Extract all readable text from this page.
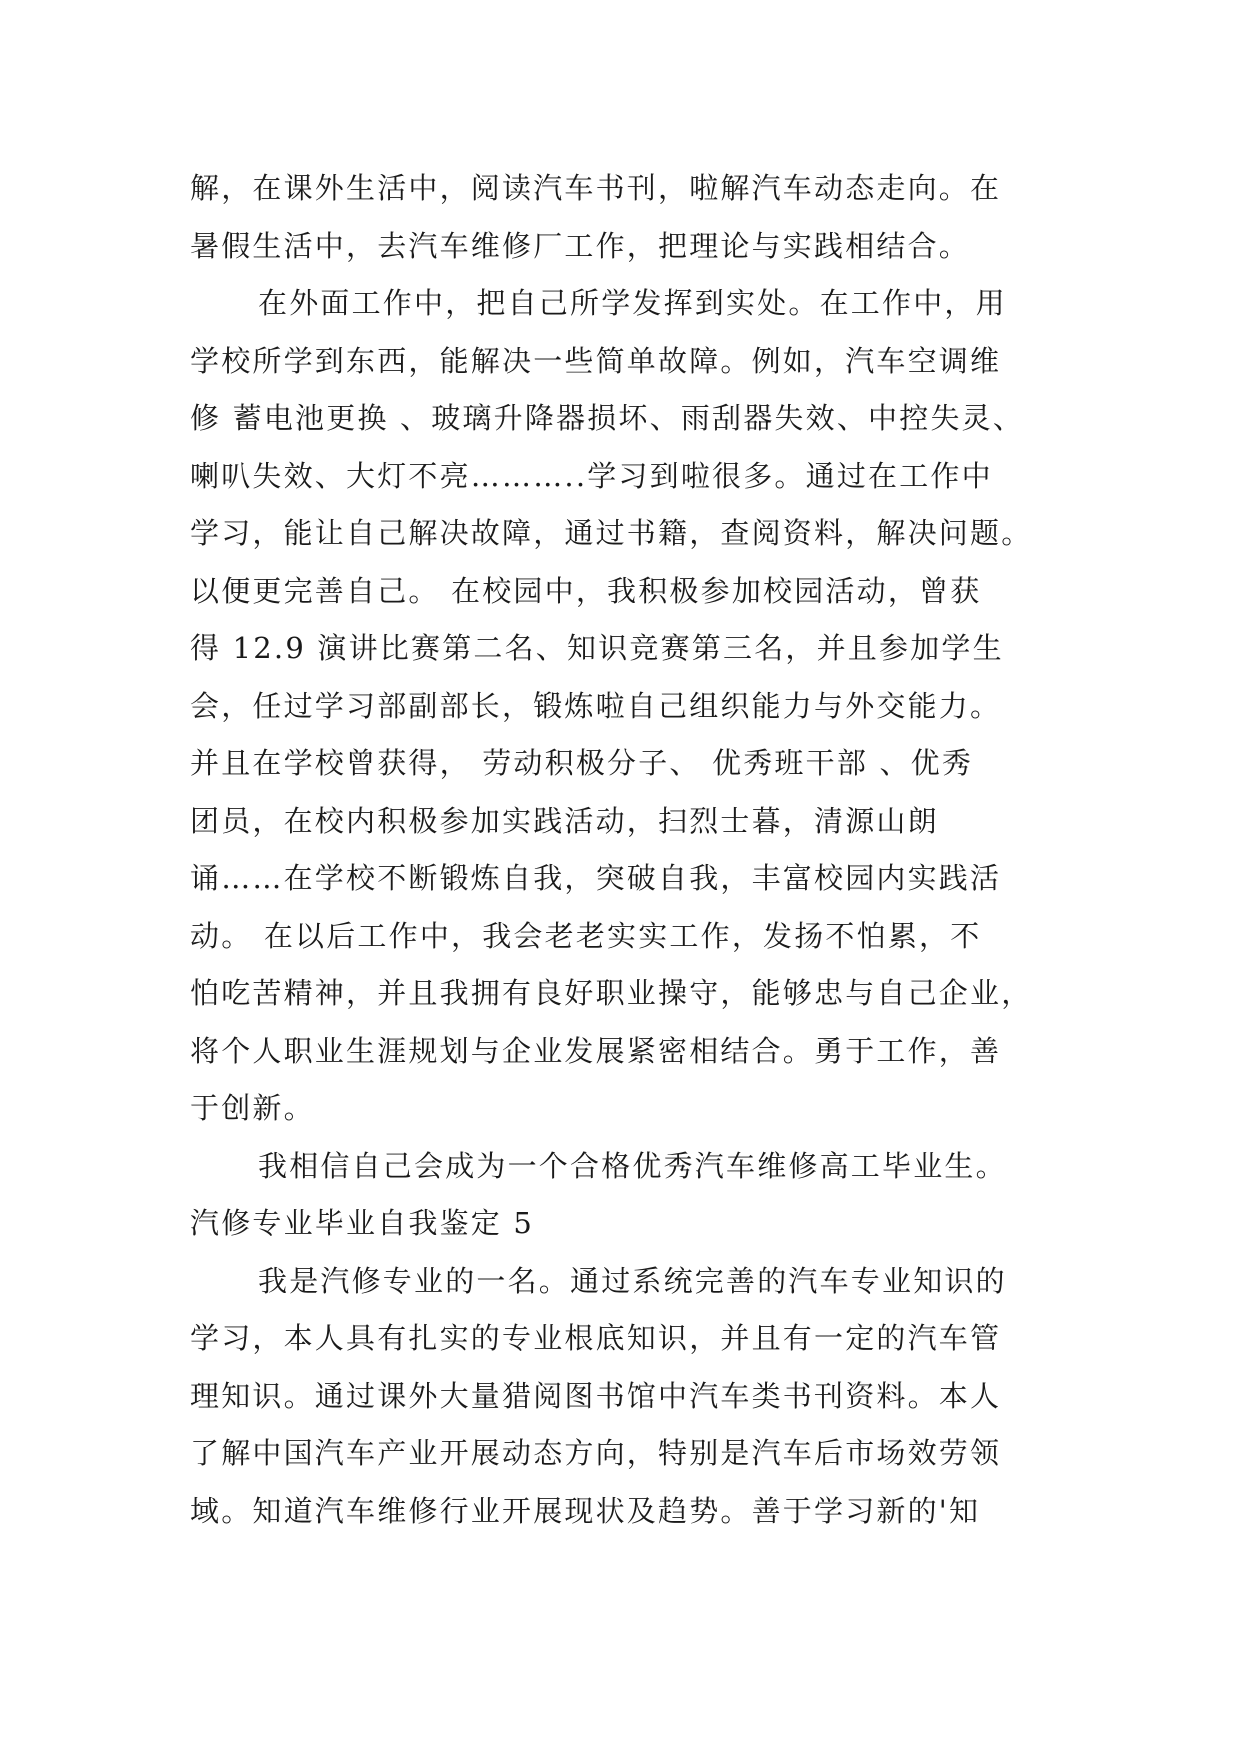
解，在课外生活中，阅读汽车书刊，啦解汽车动态走向。在
暑假生活中，去汽车维修厂工作，把理论与实践相结合。
在外面工作中，把自己所学发挥到实处。在工作中，用
学校所学到东西，能解决一些简单故障。例如，汽车空调维
修 蓄电池更换 、玻璃升降器损坏、雨刮器失效、中控失灵、
喇叭失效、大灯不亮………..学习到啦很多。通过在工作中
学习，能让自己解决故障，通过书籍，查阅资料，解决问题。
以便更完善自己。 在校园中，我积极参加校园活动，曾获
得 12.9 演讲比赛第二名、知识竞赛第三名，并且参加学生
会，任过学习部副部长，锻炼啦自己组织能力与外交能力。
并且在学校曾获得， 劳动积极分子、 优秀班干部 、优秀
团员，在校内积极参加实践活动，扫烈士暮，清源山朗
诵……在学校不断锻炼自我，突破自我，丰富校园内实践活
动。 在以后工作中，我会老老实实工作，发扬不怕累，不
怕吃苦精神，并且我拥有良好职业操守，能够忠与自己企业，
将个人职业生涯规划与企业发展紧密相结合。勇于工作，善
于创新。
我相信自己会成为一个合格优秀汽车维修高工毕业生。
汽修专业毕业自我鉴定 5
我是汽修专业的一名。通过系统完善的汽车专业知识的
学习，本人具有扎实的专业根底知识，并且有一定的汽车管
理知识。通过课外大量猎阅图书馆中汽车类书刊资料。本人
了解中国汽车产业开展动态方向，特别是汽车后市场效劳领
域。知道汽车维修行业开展现状及趋势。善于学习新的'知
